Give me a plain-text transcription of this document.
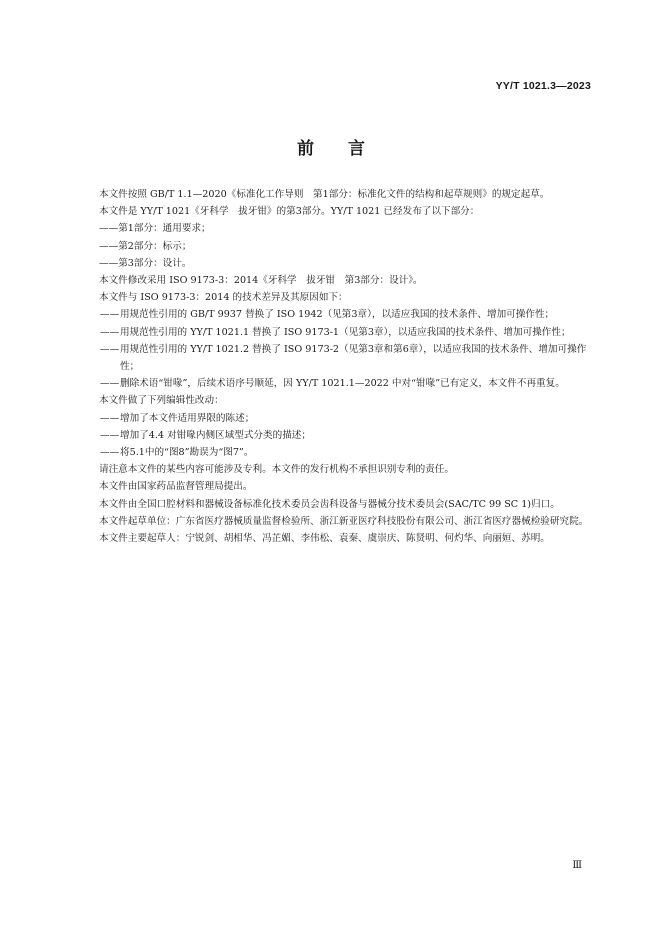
YY/T 1021.3—2023
前言

本文件按照 GB/T 1.1—2020《标准化工作导则　第1部分：标准化文件的结构和起草规则》的规定起草。

本文件是 YY/T 1021《牙科学　拔牙钳》的第3部分。YY/T 1021 已经发布了以下部分：

——第1部分：通用要求；

——第2部分：标示；

——第3部分：设计。

本文件修改采用 ISO 9173-3：2014《牙科学　拔牙钳　第3部分：设计》。

本文件与 ISO 9173-3：2014 的技术差异及其原因如下：

—— 用规范性引用的 GB/T 9937 替换了 ISO 1942（见第3章），以适应我国的技术条件、增加可操作性；
—— 用规范性引用的 YY/T 1021.1 替换了 ISO 9173-1（见第3章），以适应我国的技术条件、增加可操作性；
—— 用规范性引用的 YY/T 1021.2 替换了 ISO 9173-2（见第3章和第6章），以适应我国的技术条件、增加可操作性；
—— 删除术语“钳喙”，后续术语序号顺延，因 YY/T 1021.1—2022 中对“钳喙”已有定义，本文件不再重复。

本文件做了下列编辑性改动：

—— 增加了本文件适用界限的陈述；
—— 增加了4.4 对钳喙内侧区域型式分类的描述；
—— 将5.1中的“图8”勘误为“图7”。

请注意本文件的某些内容可能涉及专利。本文件的发行机构不承担识别专利的责任。

本文件由国家药品监督管理局提出。

本文件由全国口腔材料和器械设备标准化技术委员会齿科设备与器械分技术委员会(SAC/TC 99 SC 1)归口。

本文件起草单位：广东省医疗器械质量监督检验所、浙江新亚医疗科技股份有限公司、浙江省医疗器械检验研究院。

本文件主要起草人：宁锐剑、胡相华、冯芷媚、李伟松、袁秦、虞崇庆、陈贤明、何灼华、向丽姮、苏明。

Ⅲ
